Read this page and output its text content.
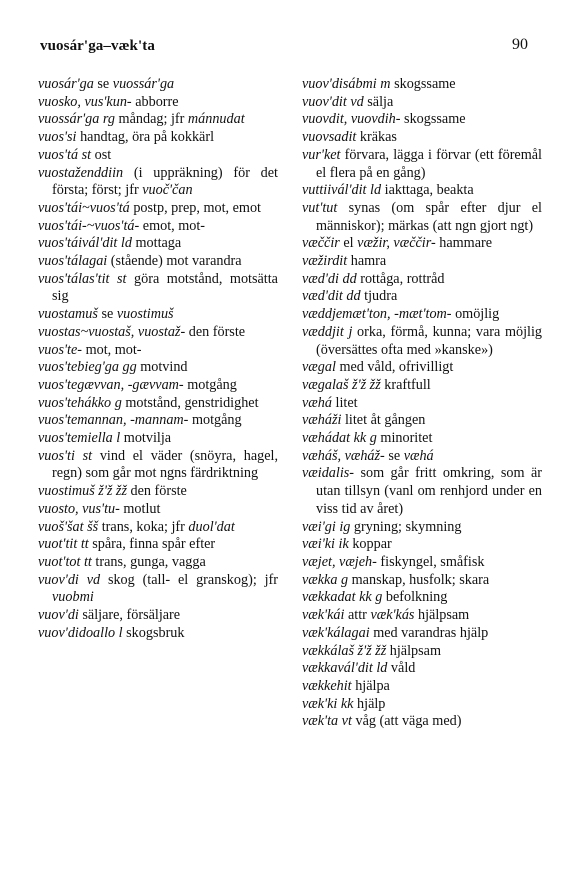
vuosár'ga–væk'ta	90
vuosár'ga se vuossár'ga
vuosko, vus'kun- abborre
vuossár'ga rg måndag; jfr mánnudat
vuos'si handtag, öra på kokkärl
vuos'tá st ost
vuostaženddiin (i uppräkning) för det första; först; jfr vuoč'čan
vuos'tái~vuos'tá postp, prep, mot, emot
vuos'tái-~vuos'tá- emot, mot-
vuos'táivál'dit ld mottaga
vuos'tálagai (stående) mot varandra
vuos'tálas'tit st göra motstånd, motsätta sig
vuostamuš se vuostimuš
vuostas~vuostaš, vuostaž- den förste
vuos'te- mot, mot-
vuos'tebieg'ga gg motvind
vuos'tegævvan, -gævvam- motgång
vuos'tehákko g motstånd, genstridighet
vuos'temannan, -mannam- motgång
vuos'temiella l motvilja
vuos'ti st vind el väder (snöyra, hagel, regn) som går mot ngns färdriktning
vuostimuš ž'ž žž den förste
vuosto, vus'tu- motlut
vuoš'šat šš trans, koka; jfr duol'dat
vuot'tit tt spåra, finna spår efter
vuot'tot tt trans, gunga, vagga
vuov'di vd skog (tall- el granskog); jfr vuobmi
vuov'di säljare, försäljare
vuov'didoallo l skogsbruk
vuov'disábmi m skogssame
vuov'dit vd sälja
vuovdit, vuovdih- skogssame
vuovsadit kräkas
vur'ket förvara, lägga i förvar (ett föremål el flera på en gång)
vuttiivál'dit ld iakttaga, beakta
vut'tut synas (om spår efter djur el människor); märkas (att ngn gjort ngt)
væččir el væžir, væččir- hammare
væžirdit hamra
væd'di dd rottåga, rottråd
væd'dit dd tjudra
væddjemæt'ton, -mæt'tom- omöjlig
væddjit j orka, förmå, kunna; vara möjlig (översättes ofta med »kanske»)
vægal med våld, ofrivilligt
vægalaš ž'ž žž kraftfull
væhá litet
væháži litet åt gången
væhádat kk g minoritet
væháš, væháž- se væhá
væidalis- som går fritt omkring, som är utan tillsyn (vanl om renhjord under en viss tid av året)
væi'gi ig gryning; skymning
væi'ki ik koppar
væjet, væjeh- fiskyngel, småfisk
vækka g manskap, husfolk; skara
vækkadat kk g befolkning
væk'kái attr væk'kás hjälpsam
væk'kálagai med varandras hjälp
vækkálaš ž'ž žž hjälpsam
vækkavál'dit ld våld
vækkehit hjälpa
væk'ki kk hjälp
væk'ta vt våg (att väga med)
